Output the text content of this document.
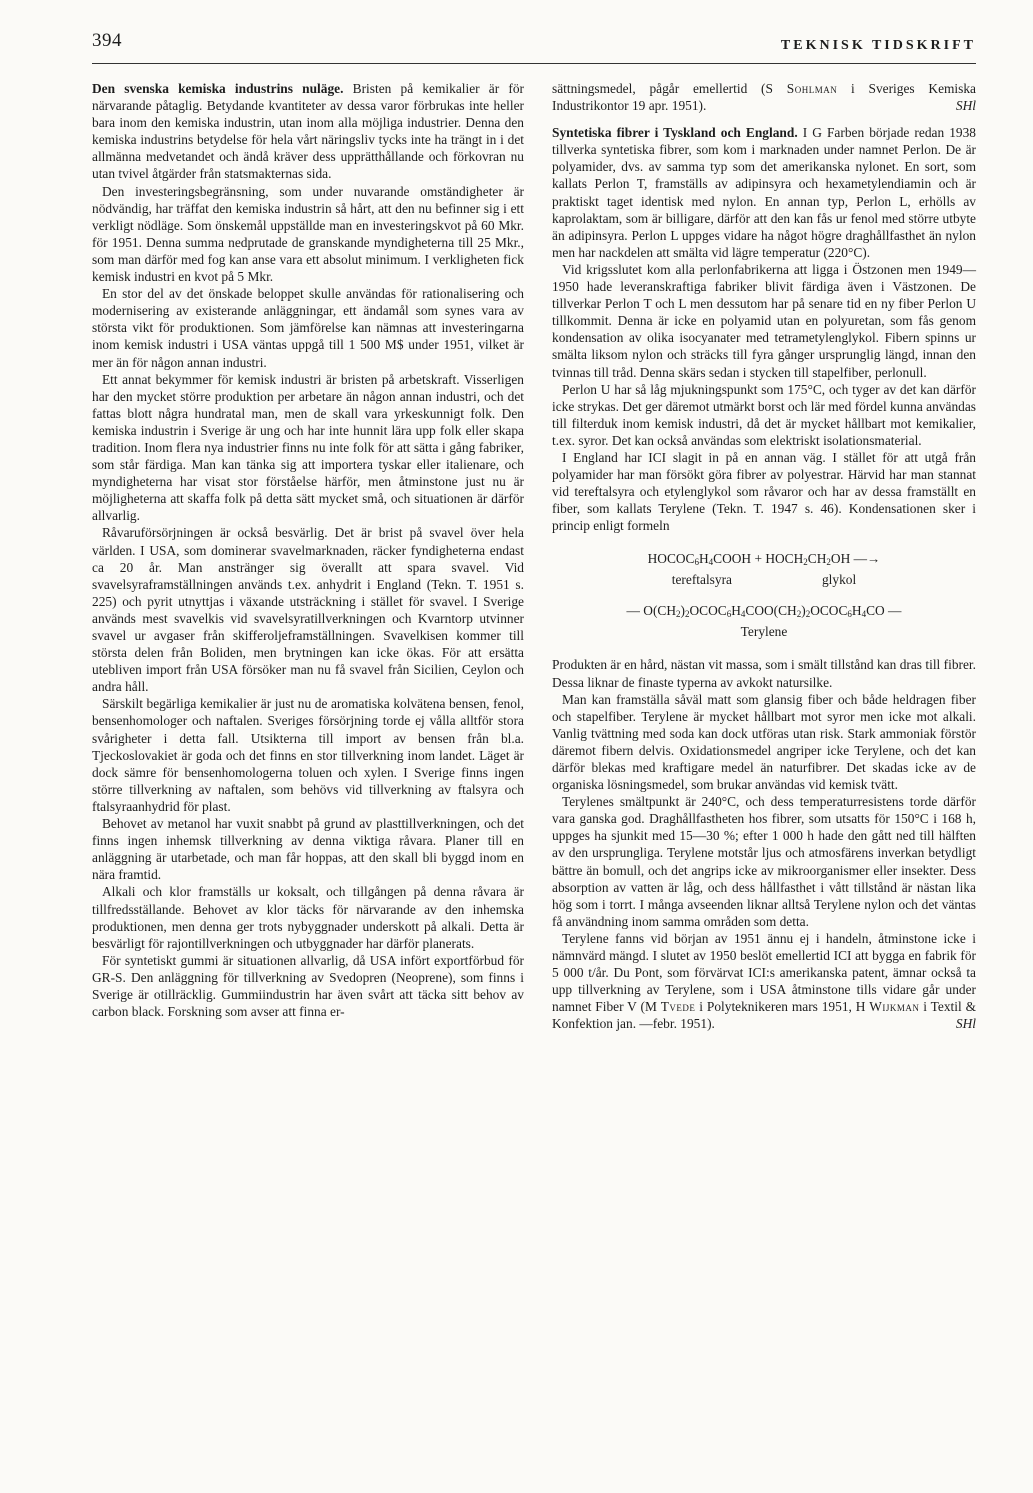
394	TEKNISK TIDSKRIFT

Den svenska kemiska industrins nuläge. Bristen på kemikalier är för närvarande påtaglig. Betydande kvantiteter av dessa varor förbrukas inte heller bara inom den kemiska industrin, utan inom alla möjliga industrier. Denna den kemiska industrins betydelse för hela vårt näringsliv tycks inte ha trängt in i det allmänna medvetandet och ändå kräver dess upprätthållande och förkovran nu utan tvivel åtgärder från statsmakternas sida.

Den investeringsbegränsning, som under nuvarande omständigheter är nödvändig, har träffat den kemiska industrin så hårt, att den nu befinner sig i ett verkligt nödläge. Som önskemål uppställde man en investeringskvot på 60 Mkr. för 1951. Denna summa nedprutade de granskande myndigheterna till 25 Mkr., som man därför med fog kan anse vara ett absolut minimum. I verkligheten fick kemisk industri en kvot på 5 Mkr.

En stor del av det önskade beloppet skulle användas för rationalisering och modernisering av existerande anläggningar, ett ändamål som synes vara av största vikt för produktionen. Som jämförelse kan nämnas att investeringarna inom kemisk industri i USA väntas uppgå till 1 500 M$ under 1951, vilket är mer än för någon annan industri.

Ett annat bekymmer för kemisk industri är bristen på arbetskraft. Visserligen har den mycket större produktion per arbetare än någon annan industri, och det fattas blott några hundratal man, men de skall vara yrkeskunnigt folk. Den kemiska industrin i Sverige är ung och har inte hunnit lära upp folk eller skapa tradition. Inom flera nya industrier finns nu inte folk för att sätta i gång fabriker, som står färdiga. Man kan tänka sig att importera tyskar eller italienare, och myndigheterna har visat stor förståelse härför, men åtminstone just nu är möjligheterna att skaffa folk på detta sätt mycket små, och situationen är därför allvarlig.

Råvaruförsörjningen är också besvärlig. Det är brist på svavel över hela världen. I USA, som dominerar svavelmarknaden, räcker fyndigheterna endast ca 20 år. Man anstränger sig överallt att spara svavel. Vid svavelsyraframställningen används t.ex. anhydrit i England (Tekn. T. 1951 s. 225) och pyrit utnyttjas i växande utsträckning i stället för svavel. I Sverige används mest svavelkis vid svavelsyratillverkningen och Kvarntorp utvinner svavel ur avgaser från skifferoljeframställningen. Svavelkisen kommer till största delen från Boliden, men brytningen kan icke ökas. För att ersätta utebliven import från USA försöker man nu få svavel från Sicilien, Ceylon och andra håll.

Särskilt begärliga kemikalier är just nu de aromatiska kolvätena bensen, fenol, bensenhomologer och naftalen. Sveriges försörjning torde ej vålla alltför stora svårigheter i detta fall. Utsikterna till import av bensen från bl.a. Tjeckoslovakiet är goda och det finns en stor tillverkning inom landet. Läget är dock sämre för bensenhomologerna toluen och xylen. I Sverige finns ingen större tillverkning av naftalen, som behövs vid tillverkning av ftalsyra och ftalsyraanhydrid för plast.

Behovet av metanol har vuxit snabbt på grund av plasttillverkningen, och det finns ingen inhemsk tillverkning av denna viktiga råvara. Planer till en anläggning är utarbetade, och man får hoppas, att den skall bli byggd inom en nära framtid.

Alkali och klor framställs ur koksalt, och tillgången på denna råvara är tillfredsställande. Behovet av klor täcks för närvarande av den inhemska produktionen, men denna ger trots nybyggnader underskott på alkali. Detta är besvärligt för rajontillverkningen och utbyggnader har därför planerats.

För syntetiskt gummi är situationen allvarlig, då USA infört exportförbud för GR-S. Den anläggning för tillverkning av Svedopren (Neoprene), som finns i Sverige är otillräcklig. Gummiindustrin har även svårt att täcka sitt behov av carbon black. Forskning som avser att finna er-

sättningsmedel, pågår emellertid (S Sohlman i Sveriges Kemiska Industrikontor 19 apr. 1951).	SHl

Syntetiska fibrer i Tyskland och England. I G Farben började redan 1938 tillverka syntetiska fibrer, som kom i marknaden under namnet Perlon. De är polyamider, dvs. av samma typ som det amerikanska nylonet. En sort, som kallats Perlon T, framställs av adipinsyra och hexametylendiamin och är praktiskt taget identisk med nylon. En annan typ, Perlon L, erhölls av kaprolaktam, som är billigare, därför att den kan fås ur fenol med större utbyte än adipinsyra. Perlon L uppges vidare ha något högre draghållfasthet än nylon men har nackdelen att smälta vid lägre temperatur (220°C).

Vid krigsslutet kom alla perlonfabrikerna att ligga i Östzonen men 1949—1950 hade leveranskraftiga fabriker blivit färdiga även i Västzonen. De tillverkar Perlon T och L men dessutom har på senare tid en ny fiber Perlon U tillkommit. Denna är icke en polyamid utan en polyuretan, som fås genom kondensation av olika isocyanater med tetrametylenglykol. Fibern spinns ur smälta liksom nylon och sträcks till fyra gånger ursprunglig längd, innan den tvinnas till tråd. Denna skärs sedan i stycken till stapelfiber, perlonull.

Perlon U har så låg mjukningspunkt som 175°C, och tyger av det kan därför icke strykas. Det ger däremot utmärkt borst och lär med fördel kunna användas till filterduk inom kemisk industri, då det är mycket hållbart mot kemikalier, t.ex. syror. Det kan också användas som elektriskt isolationsmaterial.

I England har ICI slagit in på en annan väg. I stället för att utgå från polyamider har man försökt göra fibrer av polyestrar. Härvid har man stannat vid tereftalsyra och etylenglykol som råvaror och har av dessa framställt en fiber, som kallats Terylene (Tekn. T. 1947 s. 46). Kondensationen sker i princip enligt formeln

$HOCOC_6H_4COOH$ + $HOCH_2CH_2OH$ —→
tereftalsyra	glykol
— $O(CH_2)_2OCOC_6H_4COO(CH_2)_2OCOC_6H_4CO$ —
Terylene

Produkten är en hård, nästan vit massa, som i smält tillstånd kan dras till fibrer. Dessa liknar de finaste typerna av avkokt natursilke.

Man kan framställa såväl matt som glansig fiber och både heldragen fiber och stapelfiber. Terylene är mycket hållbart mot syror men icke mot alkali. Vanlig tvättning med soda kan dock utföras utan risk. Stark ammoniak förstör däremot fibern delvis. Oxidationsmedel angriper icke Terylene, och det kan därför blekas med kraftigare medel än naturfibrer. Det skadas icke av de organiska lösningsmedel, som brukar användas vid kemisk tvätt.

Terylenes smältpunkt är 240°C, och dess temperaturresistens torde därför vara ganska god. Draghållfastheten hos fibrer, som utsatts för 150°C i 168 h, uppges ha sjunkit med 15—30 %; efter 1 000 h hade den gått ned till hälften av den ursprungliga. Terylene motstår ljus och atmosfärens inverkan betydligt bättre än bomull, och det angrips icke av mikroorganismer eller insekter. Dess absorption av vatten är låg, och dess hållfasthet i vått tillstånd är nästan lika hög som i torrt. I många avseenden liknar alltså Terylene nylon och det väntas få användning inom samma områden som detta.

Terylene fanns vid början av 1951 ännu ej i handeln, åtminstone icke i nämnvärd mängd. I slutet av 1950 beslöt emellertid ICI att bygga en fabrik för 5 000 t/år. Du Pont, som förvärvat ICI:s amerikanska patent, ämnar också ta upp tillverkning av Terylene, som i USA åtminstone tills vidare går under namnet Fiber V (M Tvede i Polyteknikeren mars 1951, H Wijkman i Textil & Konfektion jan. —febr. 1951).	SHl
